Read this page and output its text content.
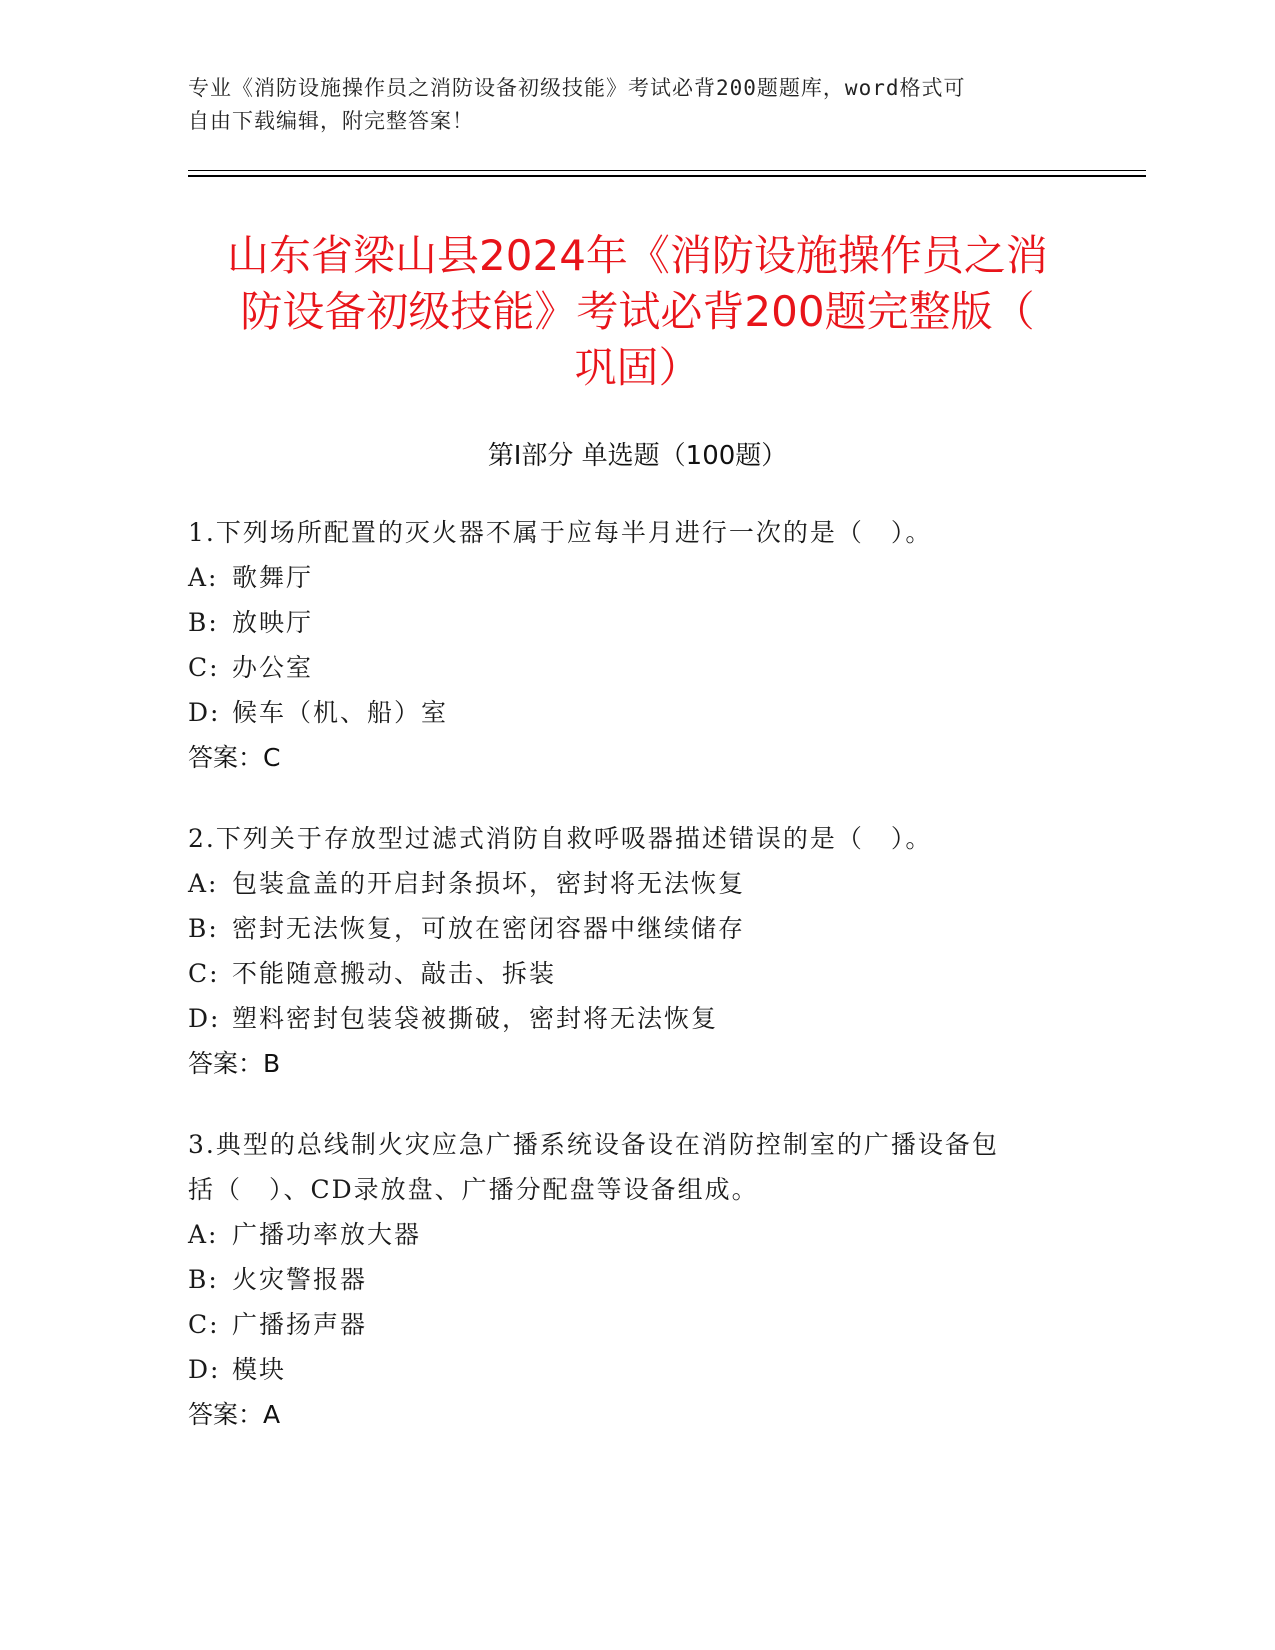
专业《消防设施操作员之消防设备初级技能》考试必背200题题库，word格式可
自由下载编辑，附完整答案！
山东省梁山县2024年《消防设施操作员之消
防设备初级技能》考试必背200题完整版（
巩固）
第Ⅰ部分 单选题（100题）
1.下列场所配置的灭火器不属于应每半月进行一次的是（　）。
A: 歌舞厅
B: 放映厅
C: 办公室
D: 候车（机、船）室
答案：C
2.下列关于存放型过滤式消防自救呼吸器描述错误的是（　）。
A: 包装盒盖的开启封条损坏，密封将无法恢复
B: 密封无法恢复，可放在密闭容器中继续储存
C: 不能随意搬动、敲击、拆装
D: 塑料密封包装袋被撕破，密封将无法恢复
答案：B
3.典型的总线制火灾应急广播系统设备设在消防控制室的广播设备包
括（　）、CD录放盘、广播分配盘等设备组成。
A: 广播功率放大器
B: 火灾警报器
C: 广播扬声器
D: 模块
答案：A
